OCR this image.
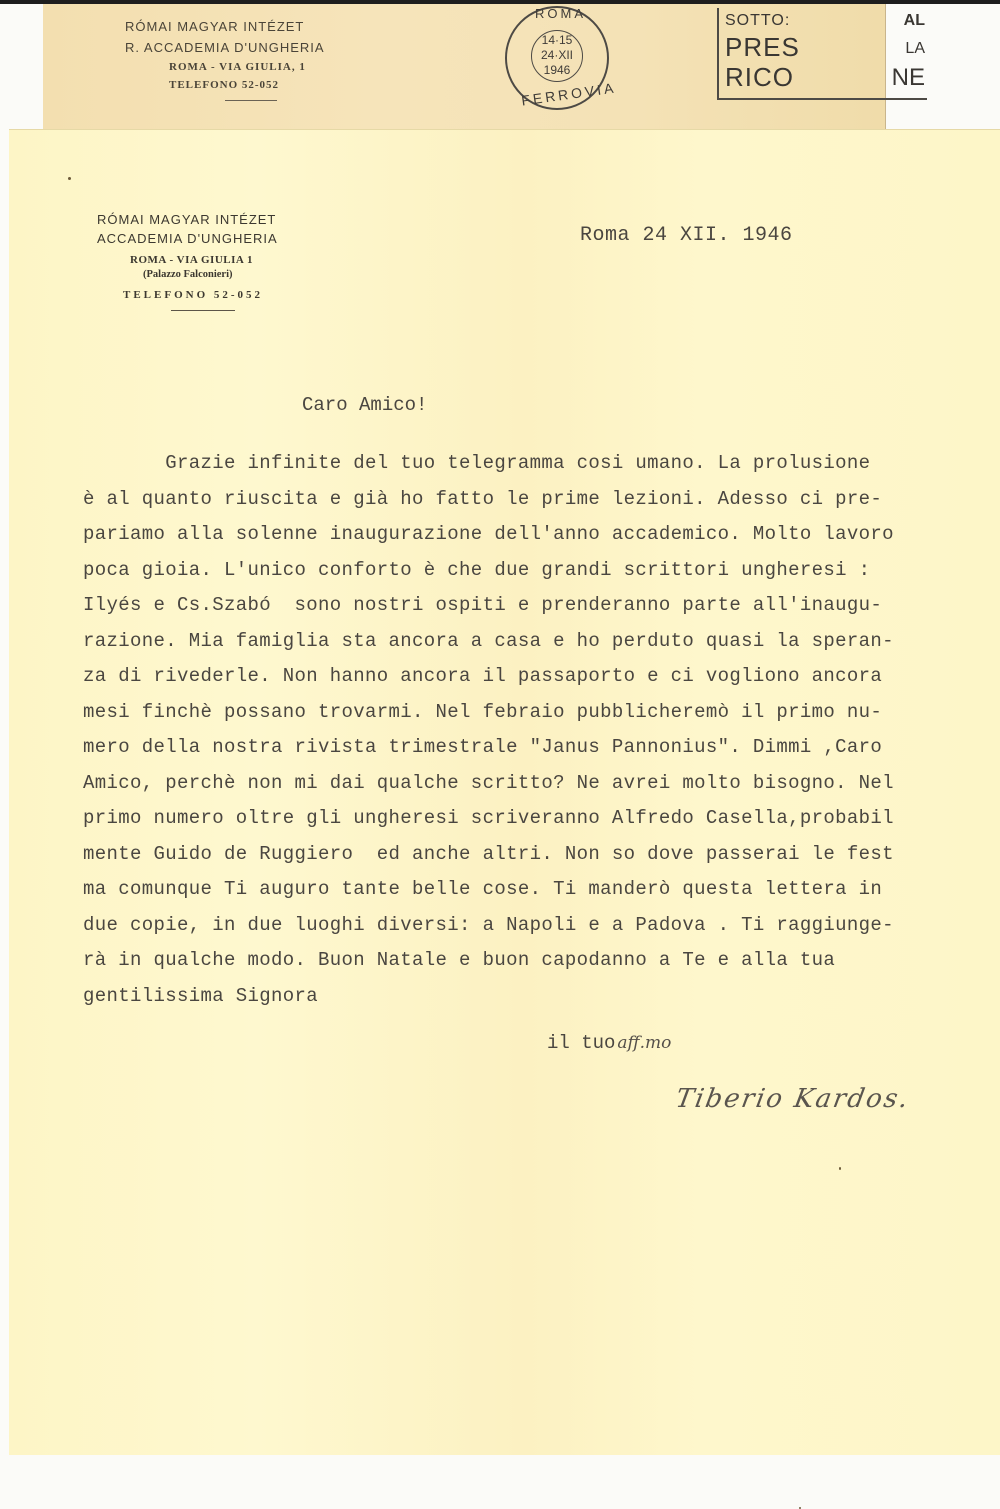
RÓMAI MAGYAR INTÉZET
R. ACCADEMIA D'UNGHERIA
ROMA - VIA GIULIA, 1
TELEFONO 52-052
ROMA
14·15
24·XII
1946
FERROVIA
SOTTO:	AL
PRES	LA
RICO	NE
RÓMAI MAGYAR INTÉZET
ACCADEMIA D'UNGHERIA
ROMA - VIA GIULIA 1
(Palazzo Falconieri)
TELEFONO 52-052
Roma 24 XII. 1946
Caro Amico!
Grazie infinite del tuo telegramma cosi umano. La prolusione
è al quanto riuscita e già ho fatto le prime lezioni. Adesso ci pre-
pariamo alla solenne inaugurazione dell'anno accademico. Molto lavoro
poca gioia. L'unico conforto è che due grandi scrittori ungheresi :
Ilyés e Cs.Szabó  sono nostri ospiti e prenderanno parte all'inaugu-
razione. Mia famiglia sta ancora a casa e ho perduto quasi la speran-
za di rivederle. Non hanno ancora il passaporto e ci vogliono ancora
mesi finchè possano trovarmi. Nel febraio pubblicheremò il primo nu-
mero della nostra rivista trimestrale "Janus Pannonius". Dimmi ,Caro
Amico, perchè non mi dai qualche scritto? Ne avrei molto bisogno. Nel
primo numero oltre gli ungheresi scriveranno Alfredo Casella,probabil
mente Guido de Ruggiero  ed anche altri. Non so dove passerai le fest
ma comunque Ti auguro tante belle cose. Ti manderò questa lettera in
due copie, in due luoghi diversi: a Napoli e a Padova . Ti raggiunge-
rà in qualche modo. Buon Natale e buon capodanno a Te e alla tua
gentilissima Signora
il tuo aff.mo
Tiberio Kardos.
